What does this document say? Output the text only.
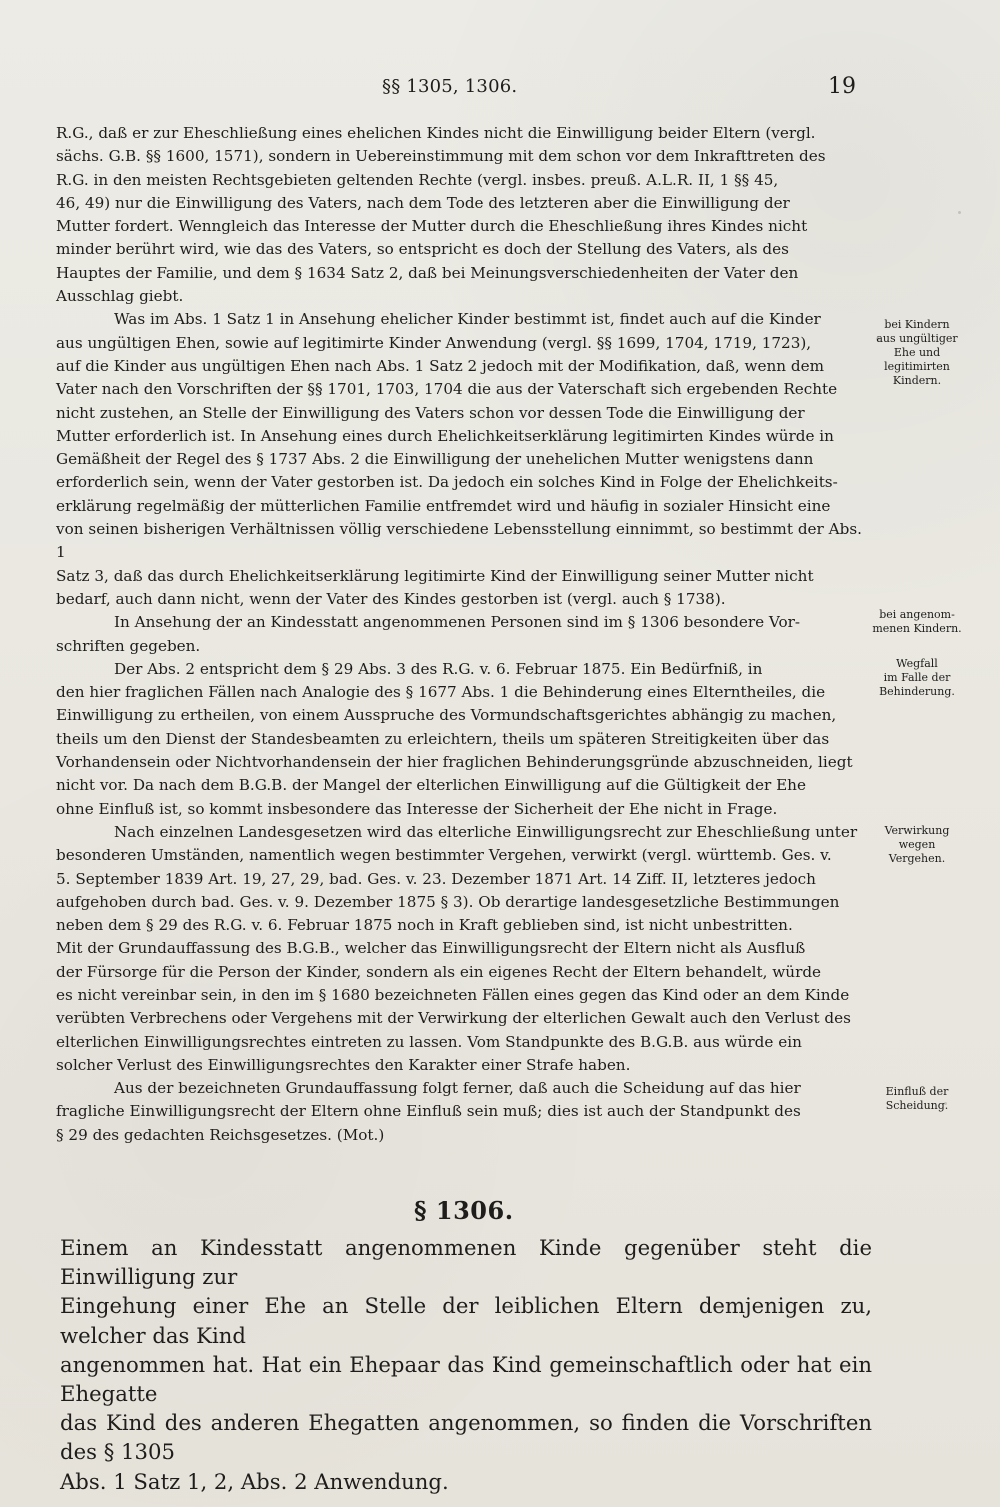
§§ 1305, 1306.	19

R.G., daß er zur Eheschließung eines ehelichen Kindes nicht die Einwilligung beider Eltern (vergl.
sächs. G.B. §§ 1600, 1571), sondern in Uebereinstimmung mit dem schon vor dem Inkrafttreten des
R.G. in den meisten Rechtsgebieten geltenden Rechte (vergl. insbes. preuß. A.L.R. II, 1 §§ 45,
46, 49) nur die Einwilligung des Vaters, nach dem Tode des letzteren aber die Einwilligung der
Mutter fordert. Wenngleich das Interesse der Mutter durch die Eheschließung ihres Kindes nicht
minder berührt wird, wie das des Vaters, so entspricht es doch der Stellung des Vaters, als des
Hauptes der Familie, und dem § 1634 Satz 2, daß bei Meinungsverschiedenheiten der Vater den
Ausschlag giebt.

Was im Abs. 1 Satz 1 in Ansehung ehelicher Kinder bestimmt ist, findet auch auf die Kinder
aus ungültigen Ehen, sowie auf legitimirte Kinder Anwendung (vergl. §§ 1699, 1704, 1719, 1723),
auf die Kinder aus ungültigen Ehen nach Abs. 1 Satz 2 jedoch mit der Modifikation, daß, wenn dem
Vater nach den Vorschriften der §§ 1701, 1703, 1704 die aus der Vaterschaft sich ergebenden Rechte
nicht zustehen, an Stelle der Einwilligung des Vaters schon vor dessen Tode die Einwilligung der
Mutter erforderlich ist. In Ansehung eines durch Ehelichkeitserklärung legitimirten Kindes würde in
Gemäßheit der Regel des § 1737 Abs. 2 die Einwilligung der unehelichen Mutter wenigstens dann
erforderlich sein, wenn der Vater gestorben ist. Da jedoch ein solches Kind in Folge der Ehelichkeits-
erklärung regelmäßig der mütterlichen Familie entfremdet wird und häufig in sozialer Hinsicht eine
von seinen bisherigen Verhältnissen völlig verschiedene Lebensstellung einnimmt, so bestimmt der Abs. 1
Satz 3, daß das durch Ehelichkeitserklärung legitimirte Kind der Einwilligung seiner Mutter nicht
bedarf, auch dann nicht, wenn der Vater des Kindes gestorben ist (vergl. auch § 1738).

In Ansehung der an Kindesstatt angenommenen Personen sind im § 1306 besondere Vor-
schriften gegeben.

Der Abs. 2 entspricht dem § 29 Abs. 3 des R.G. v. 6. Februar 1875. Ein Bedürfniß, in
den hier fraglichen Fällen nach Analogie des § 1677 Abs. 1 die Behinderung eines Elterntheiles, die
Einwilligung zu ertheilen, von einem Ausspruche des Vormundschaftsgerichtes abhängig zu machen,
theils um den Dienst der Standesbeamten zu erleichtern, theils um späteren Streitigkeiten über das
Vorhandensein oder Nichtvorhandensein der hier fraglichen Behinderungsgründe abzuschneiden, liegt
nicht vor. Da nach dem B.G.B. der Mangel der elterlichen Einwilligung auf die Gültigkeit der Ehe
ohne Einfluß ist, so kommt insbesondere das Interesse der Sicherheit der Ehe nicht in Frage.

Nach einzelnen Landesgesetzen wird das elterliche Einwilligungsrecht zur Eheschließung unter
besonderen Umständen, namentlich wegen bestimmter Vergehen, verwirkt (vergl. württemb. Ges. v.
5. September 1839 Art. 19, 27, 29, bad. Ges. v. 23. Dezember 1871 Art. 14 Ziff. II, letzteres jedoch
aufgehoben durch bad. Ges. v. 9. Dezember 1875 § 3). Ob derartige landesgesetzliche Bestimmungen
neben dem § 29 des R.G. v. 6. Februar 1875 noch in Kraft geblieben sind, ist nicht unbestritten.
Mit der Grundauffassung des B.G.B., welcher das Einwilligungsrecht der Eltern nicht als Ausfluß
der Fürsorge für die Person der Kinder, sondern als ein eigenes Recht der Eltern behandelt, würde
es nicht vereinbar sein, in den im § 1680 bezeichneten Fällen eines gegen das Kind oder an dem Kinde
verübten Verbrechens oder Vergehens mit der Verwirkung der elterlichen Gewalt auch den Verlust des
elterlichen Einwilligungsrechtes eintreten zu lassen. Vom Standpunkte des B.G.B. aus würde ein
solcher Verlust des Einwilligungsrechtes den Karakter einer Strafe haben.

Aus der bezeichneten Grundauffassung folgt ferner, daß auch die Scheidung auf das hier
fragliche Einwilligungsrecht der Eltern ohne Einfluß sein muß; dies ist auch der Standpunkt des
§ 29 des gedachten Reichsgesetzes. (Mot.)

bei Kindern
aus ungültiger
Ehe und
legitimirten
Kindern.
bei angenom-
menen Kindern.
Wegfall
im Falle der
Behinderung.
Verwirkung
wegen
Vergehen.
Einfluß der
Scheidung.
§ 1306.
Einem an Kindesstatt angenommenen Kinde gegenüber steht die Einwilligung zur
Eingehung einer Ehe an Stelle der leiblichen Eltern demjenigen zu, welcher das Kind
angenommen hat. Hat ein Ehepaar das Kind gemeinschaftlich oder hat ein Ehegatte
das Kind des anderen Ehegatten angenommen, so finden die Vorschriften des § 1305
Abs. 1 Satz 1, 2, Abs. 2 Anwendung.
